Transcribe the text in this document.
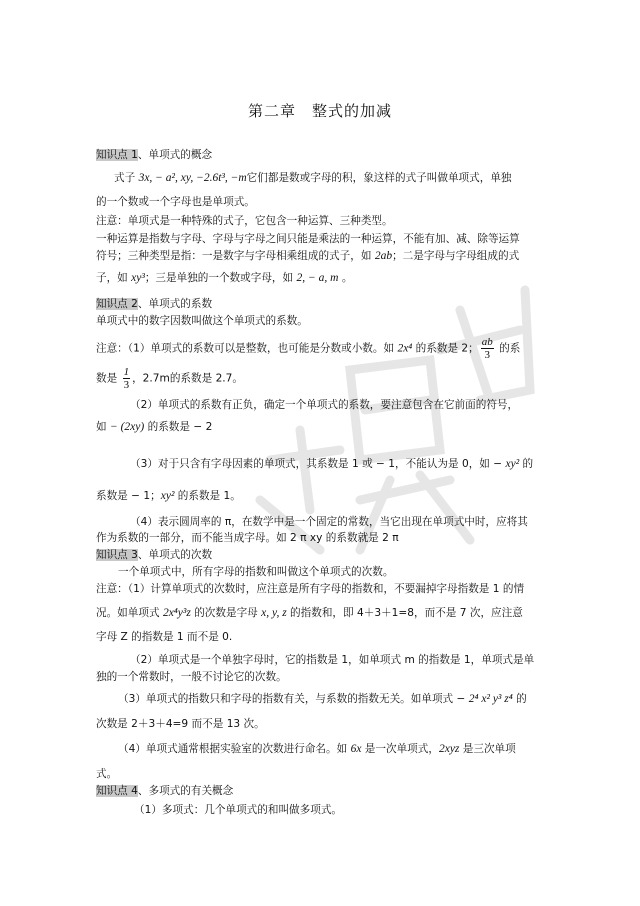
第二章　整式的加减
知识点 1、单项式的概念
式子 3x, − a², xy, −2.6t³, −m它们都是数或字母的积，象这样的式子叫做单项式，单独
的一个数或一个字母也是单项式。
注意：单项式是一种特殊的式子，它包含一种运算、三种类型。
一种运算是指数与字母、字母与字母之间只能是乘法的一种运算，不能有加、减、除等运算
符号；三种类型是指：一是数字与字母相乘组成的式子，如 2ab；二是字母与字母组成的式
子，如 xy³；三是单独的一个数或字母，如 2, − a, m 。
知识点 2、单项式的系数
单项式中的数字因数叫做这个单项式的系数。
注意：（1）单项式的系数可以是整数，也可能是分数或小数。如 2x⁴ 的系数是 2； $\frac{ab}{3}$ 的系
数是 $\frac{1}{3}$ ，2.7m的系数是 2.7。
（2）单项式的系数有正负，确定一个单项式的系数，要注意包含在它前面的符号，
如 − (2xy) 的系数是 − 2
（3）对于只含有字母因素的单项式，其系数是 1 或 − 1，不能认为是 0，如 − xy² 的
系数是 − 1；xy² 的系数是 1。
（4）表示圆周率的 π，在数学中是一个固定的常数，当它出现在单项式中时，应将其
作为系数的一部分，而不能当成字母。如 2 π xy 的系数就是 2 π
知识点 3、单项式的次数
一个单项式中，所有字母的指数和叫做这个单项式的次数。
注意：（1）计算单项式的次数时，应注意是所有字母的指数和，不要漏掉字母指数是 1 的情
况。如单项式 2x⁴y³z 的次数是字母 x, y, z 的指数和，即 4＋3＋1=8，而不是 7 次，应注意
字母 Z 的指数是 1 而不是 0.
（2）单项式是一个单独字母时，它的指数是 1，如单项式 m 的指数是 1，单项式是单
独的一个常数时，一般不讨论它的次数。
（3）单项式的指数只和字母的指数有关，与系数的指数无关。如单项式 − 2⁴ x² y³ z⁴ 的
次数是 2＋3＋4=9 而不是 13 次。
（4）单项式通常根据实验室的次数进行命名。如 6x 是一次单项式，2xyz 是三次单项
式。
知识点 4、多项式的有关概念
（1）多项式：几个单项式的和叫做多项式。
